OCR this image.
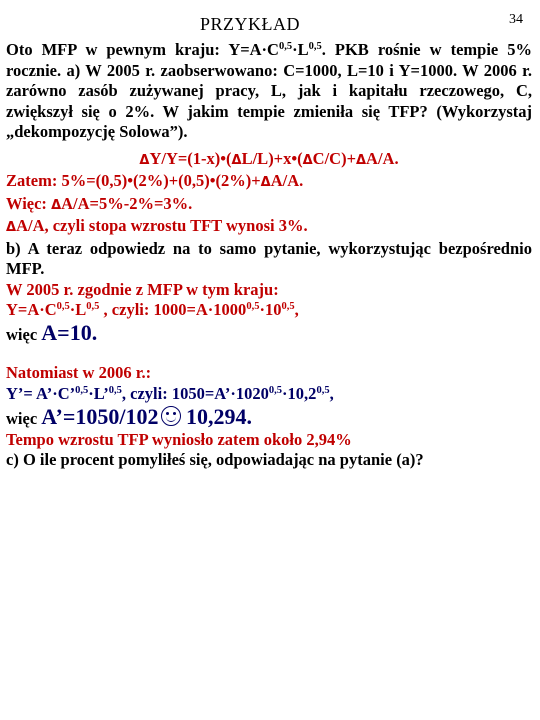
PRZYKŁAD	34

Oto MFP w pewnym kraju: $Y=A\cdot C^{0,5}\cdot L^{0,5}$. PKB rośnie w tempie 5% rocznie. a) W 2005 r. zaobserwowano: C=1000, L=10 i Y=1000. W 2006 r. zarówno zasób zużywanej pracy, L, jak i kapitału rzeczowego, C, zwiększył się o 2%. W jakim tempie zmieniła się TFP? (Wykorzystaj „dekompozycję Solowa”).

ΔY/Y=(1-x)•(ΔL/L)+x•(ΔC/C)+ΔA/A.

Zatem: 5%=(0,5)•(2%)+(0,5)•(2%)+ΔA/A.

Więc: ΔA/A=5%-2%=3%.

ΔA/A, czyli stopa wzrostu TFT wynosi 3%.

b) A teraz odpowiedz na to samo pytanie, wykorzystując bezpośrednio MFP.

W 2005 r. zgodnie z MFP w tym kraju:

$Y=A\cdot C^{0,5}\cdot L^{0,5}$ , czyli: $1000=A\cdot 1000^{0,5}\cdot 10^{0,5}$,

więc A=10.

Natomiast w 2006 r.:

Y’= A’·C’$^{0,5}$·L’$^{0,5}$, czyli: $1050=A’\cdot 1020^{0,5}\cdot 10,2^{0,5}$,

więc A’=1050/102
10,294.

Tempo wzrostu TFP wyniosło zatem około 2,94%

c) O ile procent pomyliłeś się, odpowiadając na pytanie (a)?
